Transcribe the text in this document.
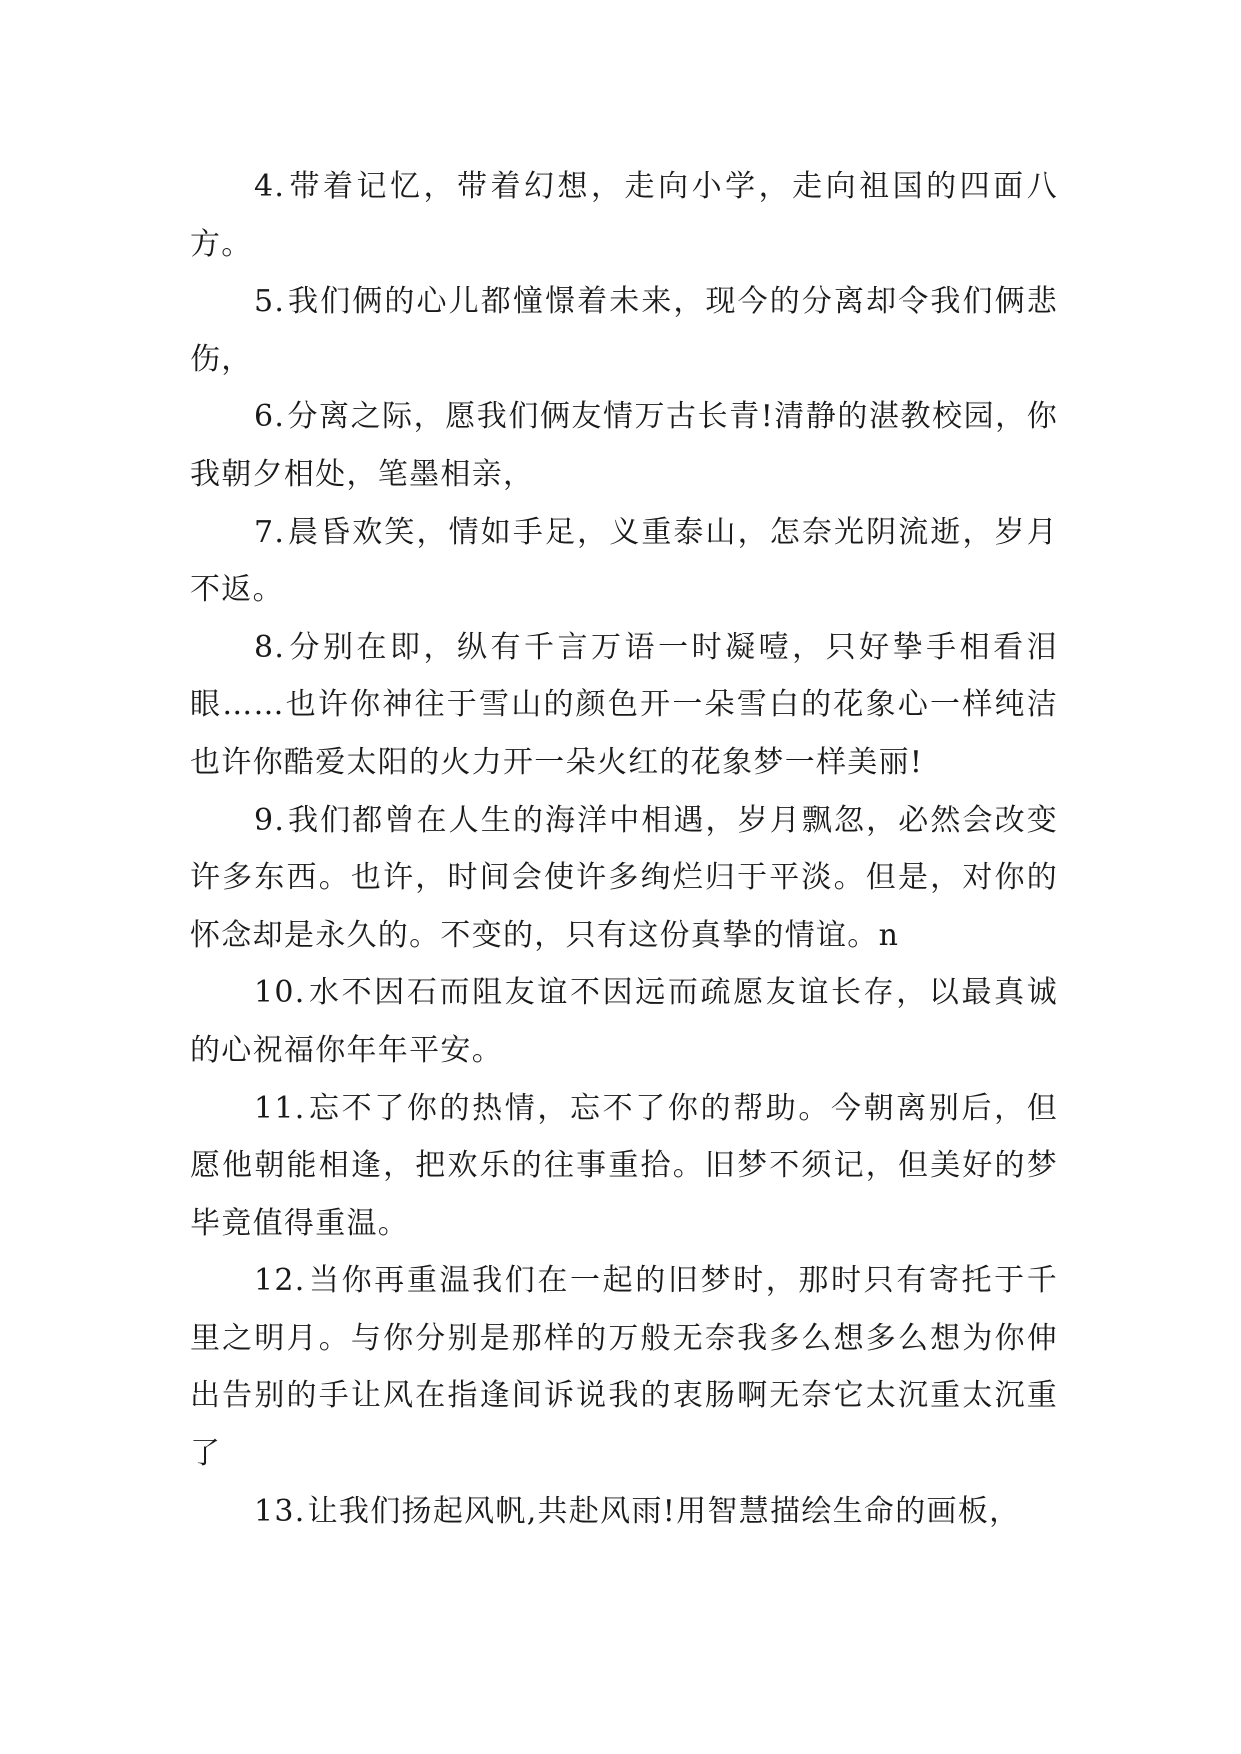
4.带着记忆，带着幻想，走向小学，走向祖国的四面八方。

5.我们俩的心儿都憧憬着未来，现今的分离却令我们俩悲伤，

6.分离之际，愿我们俩友情万古长青!清静的湛教校园，你我朝夕相处，笔墨相亲，

7.晨昏欢笑，情如手足，义重泰山，怎奈光阴流逝，岁月不返。

8.分别在即，纵有千言万语一时凝噎，只好挚手相看泪眼……也许你神往于雪山的颜色开一朵雪白的花象心一样纯洁也许你酷爱太阳的火力开一朵火红的花象梦一样美丽!

9.我们都曾在人生的海洋中相遇，岁月飘忽，必然会改变许多东西。也许，时间会使许多绚烂归于平淡。但是，对你的怀念却是永久的。不变的，只有这份真挚的情谊。n

10.水不因石而阻友谊不因远而疏愿友谊长存，以最真诚的心祝福你年年平安。

11.忘不了你的热情，忘不了你的帮助。今朝离别后，但愿他朝能相逢，把欢乐的往事重拾。旧梦不须记，但美好的梦毕竟值得重温。

12.当你再重温我们在一起的旧梦时，那时只有寄托于千里之明月。与你分别是那样的万般无奈我多么想多么想为你伸出告别的手让风在指逢间诉说我的衷肠啊无奈它太沉重太沉重了

13.让我们扬起风帆,共赴风雨!用智慧描绘生命的画板，
